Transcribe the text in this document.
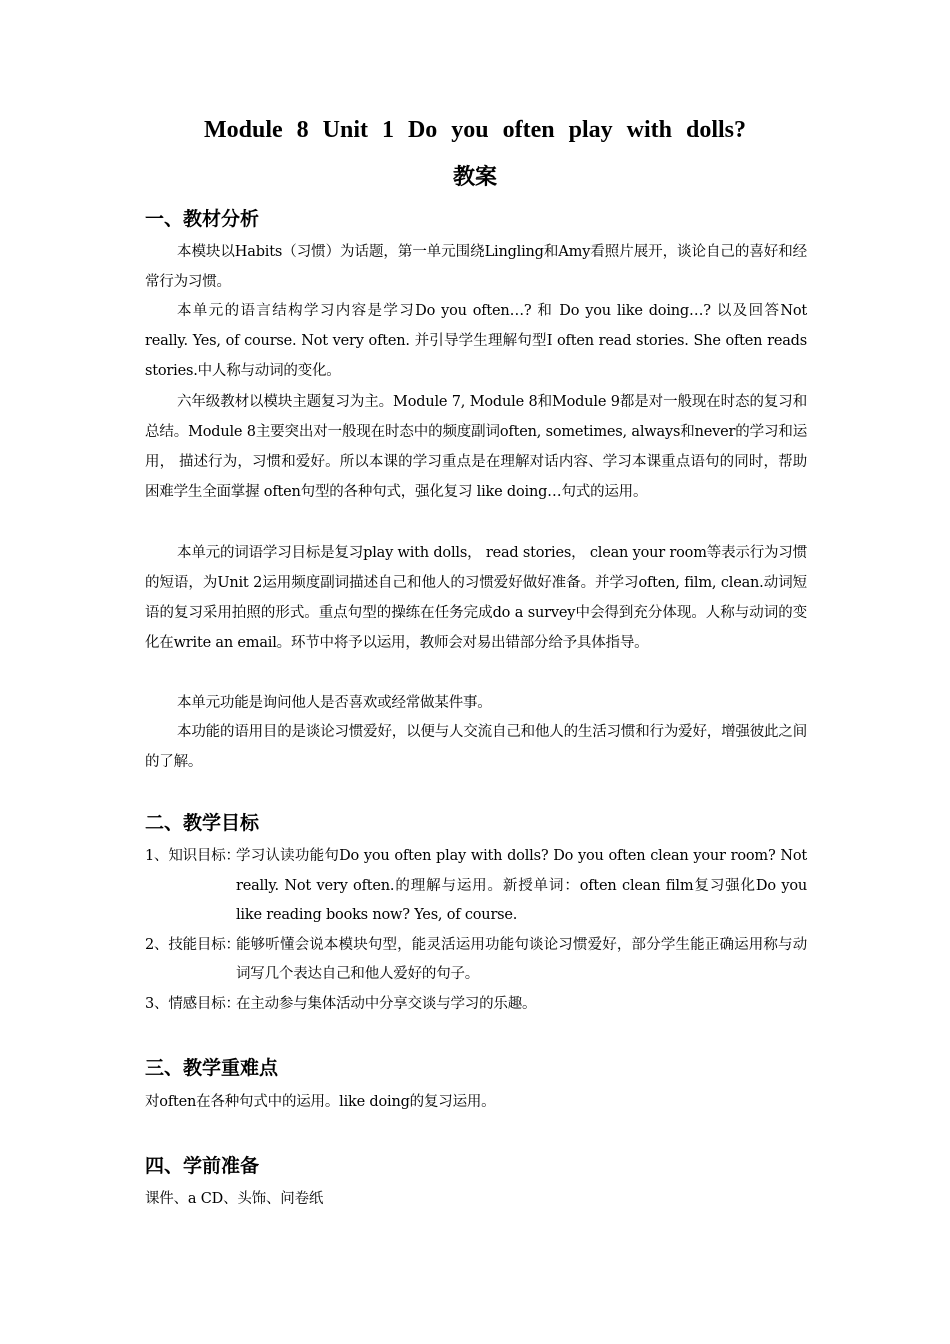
Module 8 Unit 1 Do you often play with dolls?
教案
一、教材分析
本模块以Habits（习惯）为话题，第一单元围绕Lingling和Amy看照片展开，谈论自己的喜好和经常行为习惯。
本单元的语言结构学习内容是学习Do you often…? 和 Do you like doing…? 以及回答Not really. Yes, of course. Not very often. 并引导学生理解句型I often read stories. She often reads stories.中人称与动词的变化。
六年级教材以模块主题复习为主。Module 7, Module 8和Module 9都是对一般现在时态的复习和总结。Module 8主要突出对一般现在时态中的频度副词often, sometimes, always和never的学习和运用， 描述行为，习惯和爱好。所以本课的学习重点是在理解对话内容、学习本课重点语句的同时，帮助困难学生全面掌握 often句型的各种句式，强化复习 like doing…句式的运用。
本单元的词语学习目标是复习play with dolls， read stories， clean your room等表示行为习惯的短语，为Unit 2运用频度副词描述自己和他人的习惯爱好做好准备。并学习often, film, clean.动词短语的复习采用拍照的形式。重点句型的操练在任务完成do a survey中会得到充分体现。人称与动词的变化在write an email。环节中将予以运用，教师会对易出错部分给予具体指导。
本单元功能是询问他人是否喜欢或经常做某件事。
本功能的语用目的是谈论习惯爱好，以便与人交流自己和他人的生活习惯和行为爱好，增强彼此之间的了解。
二、教学目标
1、知识目标：
学习认读功能句Do you often play with dolls? Do you often clean your room? Not really. Not very often.的理解与运用。新授单词：often clean film复习强化Do you like reading books now? Yes, of course.
2、技能目标：
能够听懂会说本模块句型，能灵活运用功能句谈论习惯爱好，部分学生能正确运用称与动词写几个表达自己和他人爱好的句子。
3、情感目标：
在主动参与集体活动中分享交谈与学习的乐趣。
三、教学重难点
对often在各种句式中的运用。like doing的复习运用。
四、学前准备
课件、a CD、头饰、问卷纸
